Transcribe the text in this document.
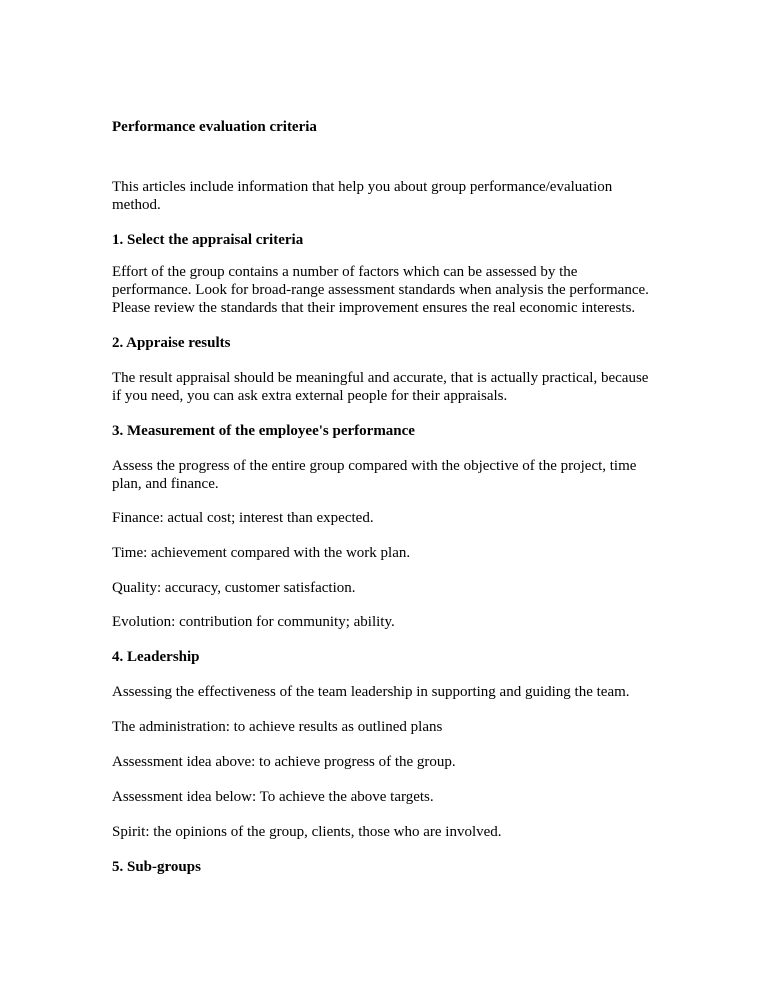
Performance evaluation criteria
This articles include information that help you about group performance/evaluation
method.
1. Select the appraisal criteria
Effort of the group contains a number of factors which can be assessed by the
performance. Look for broad-range assessment standards when analysis the performance.
Please review the standards that their improvement ensures the real economic interests.
2. Appraise results
The result appraisal should be meaningful and accurate, that is actually practical, because
if you need, you can ask extra external people for their appraisals.
3. Measurement of the employee's performance
Assess the progress of the entire group compared with the objective of the project, time
plan, and finance.
Finance: actual cost; interest than expected.
Time: achievement compared with the work plan.
Quality: accuracy, customer satisfaction.
Evolution: contribution for community; ability.
4. Leadership
Assessing the effectiveness of the team leadership in supporting and guiding the team.
The administration: to achieve results as outlined plans
Assessment idea above: to achieve progress of the group.
Assessment idea below: To achieve the above targets.
Spirit: the opinions of the group, clients, those who are involved.
5. Sub-groups
